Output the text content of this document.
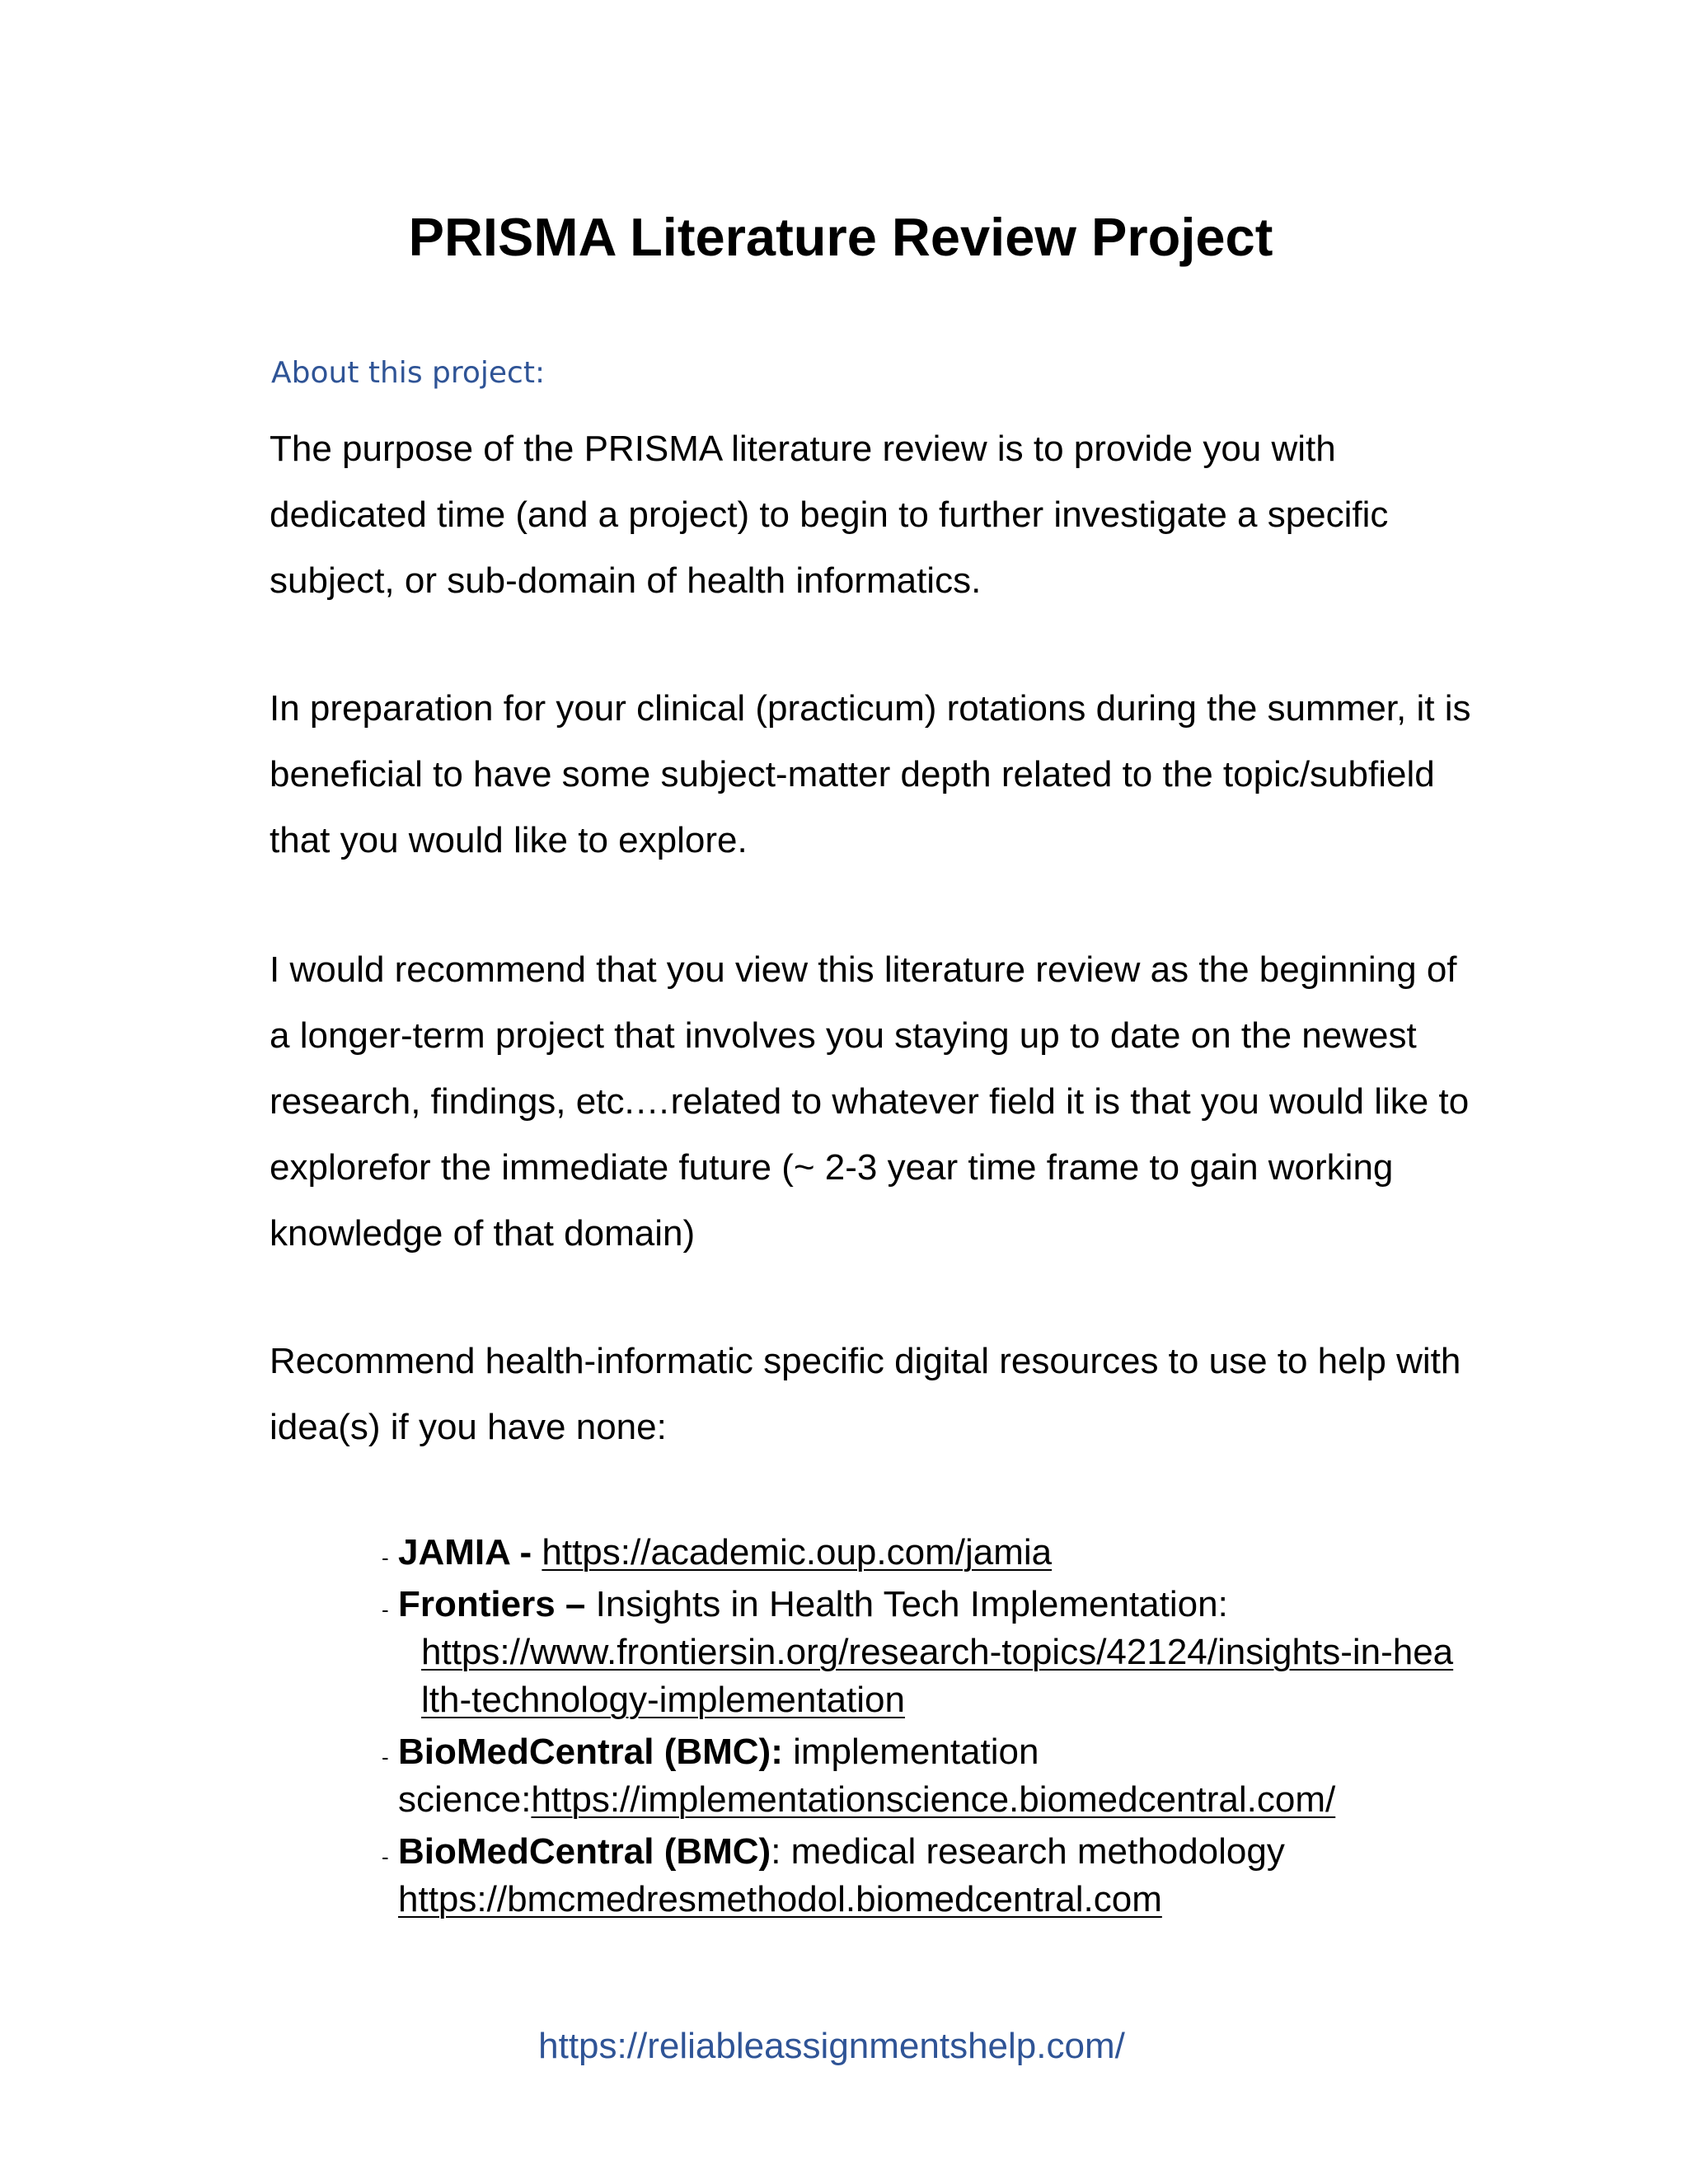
PRISMA Literature Review Project
About this project:

The purpose of the PRISMA literature review is to provide you with dedicated time (and a project) to begin to further investigate a specific subject, or sub-domain of health informatics.

In preparation for your clinical (practicum) rotations during the summer, it is beneficial to have some subject-matter depth related to the topic/subfield that you would like to explore.

I would recommend that you view this literature review as the beginning of a longer-term project that involves you staying up to date on the newest research, findings, etc.…related to whatever field it is that you would like to explorefor the immediate future (~ 2-3 year time frame to gain working knowledge of that domain)

Recommend health-informatic specific digital resources to use to help with idea(s) if you have none:

- JAMIA - https://academic.oup.com/jamia
- Frontiers – Insights in Health Tech Implementation:
https://www.frontiersin.org/research-topics/42124/insights-in-hea
lth-technology-implementation
- BioMedCentral (BMC): implementation
science:https://implementationscience.biomedcentral.com/
- BioMedCentral (BMC): medical research methodology
https://bmcmedresmethodol.biomedcentral.com
https://reliableassignmentshelp.com/
